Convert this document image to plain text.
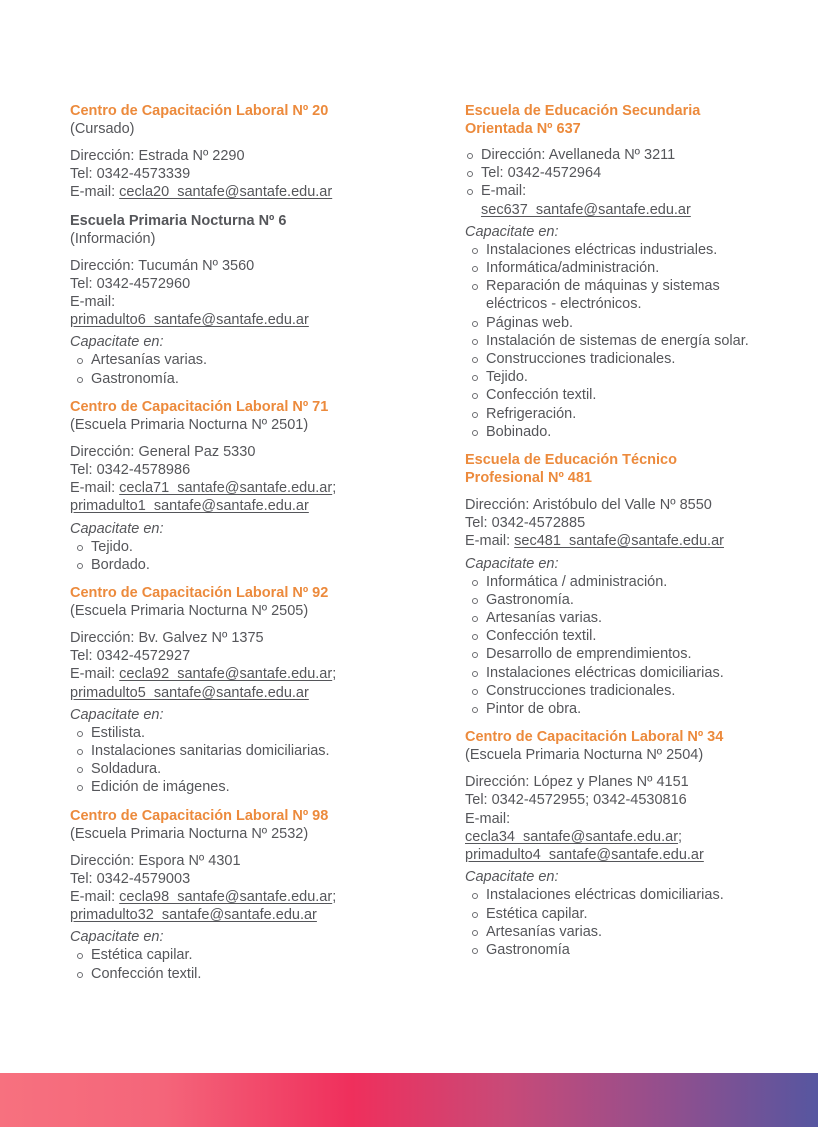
Centro de Capacitación Laboral Nº 20

(Cursado)

Dirección: Estrada Nº 2290

Tel: 0342-4573339

E-mail: cecla20_santafe@santafe.edu.ar

Escuela Primaria Nocturna Nº 6

(Información)

Dirección: Tucumán Nº 3560

Tel: 0342-4572960

E-mail:

primadulto6_santafe@santafe.edu.ar

Capacitate en:

Artesanías varias.
Gastronomía.

Centro de Capacitación Laboral Nº 71

(Escuela Primaria Nocturna Nº 2501)

Dirección: General Paz 5330

Tel: 0342-4578986

E-mail: cecla71_santafe@santafe.edu.ar;

primadulto1_santafe@santafe.edu.ar

Capacitate en:

Tejido.
Bordado.

Centro de Capacitación Laboral Nº 92

(Escuela Primaria Nocturna Nº 2505)

Dirección: Bv. Galvez Nº 1375

Tel: 0342-4572927

E-mail: cecla92_santafe@santafe.edu.ar;

primadulto5_santafe@santafe.edu.ar

Capacitate en:

Estilista.
Instalaciones sanitarias domiciliarias.
Soldadura.
Edición de imágenes.

Centro de Capacitación Laboral Nº 98

(Escuela Primaria Nocturna Nº 2532)

Dirección: Espora Nº 4301

Tel: 0342-4579003

E-mail: cecla98_santafe@santafe.edu.ar;

primadulto32_santafe@santafe.edu.ar

Capacitate en:

Estética capilar.
Confección textil.

Escuela de Educación Secundaria
Orientada Nº 637

Dirección: Avellaneda Nº 3211
Tel: 0342-4572964
E-mail:
sec637_santafe@santafe.edu.ar

Capacitate en:

Instalaciones eléctricas industriales.
Informática/administración.
Reparación de máquinas y sistemas eléctricos - electrónicos.
Páginas web.
Instalación de sistemas de energía solar.
Construcciones tradicionales.
Tejido.
Confección textil.
Refrigeración.
Bobinado.

Escuela de Educación Técnico
Profesional Nº 481

Dirección: Aristóbulo del Valle Nº 8550

Tel: 0342-4572885

E-mail: sec481_santafe@santafe.edu.ar

Capacitate en:

Informática / administración.
Gastronomía.
Artesanías varias.
Confección textil.
Desarrollo de emprendimientos.
Instalaciones eléctricas domiciliarias.
Construcciones tradicionales.
Pintor de obra.

Centro de Capacitación Laboral Nº 34

(Escuela Primaria Nocturna Nº 2504)

Dirección: López y Planes Nº 4151

Tel: 0342-4572955; 0342-4530816

E-mail:

cecla34_santafe@santafe.edu.ar;

primadulto4_santafe@santafe.edu.ar

Capacitate en:

Instalaciones eléctricas domiciliarias.
Estética capilar.
Artesanías varias.
Gastronomía
